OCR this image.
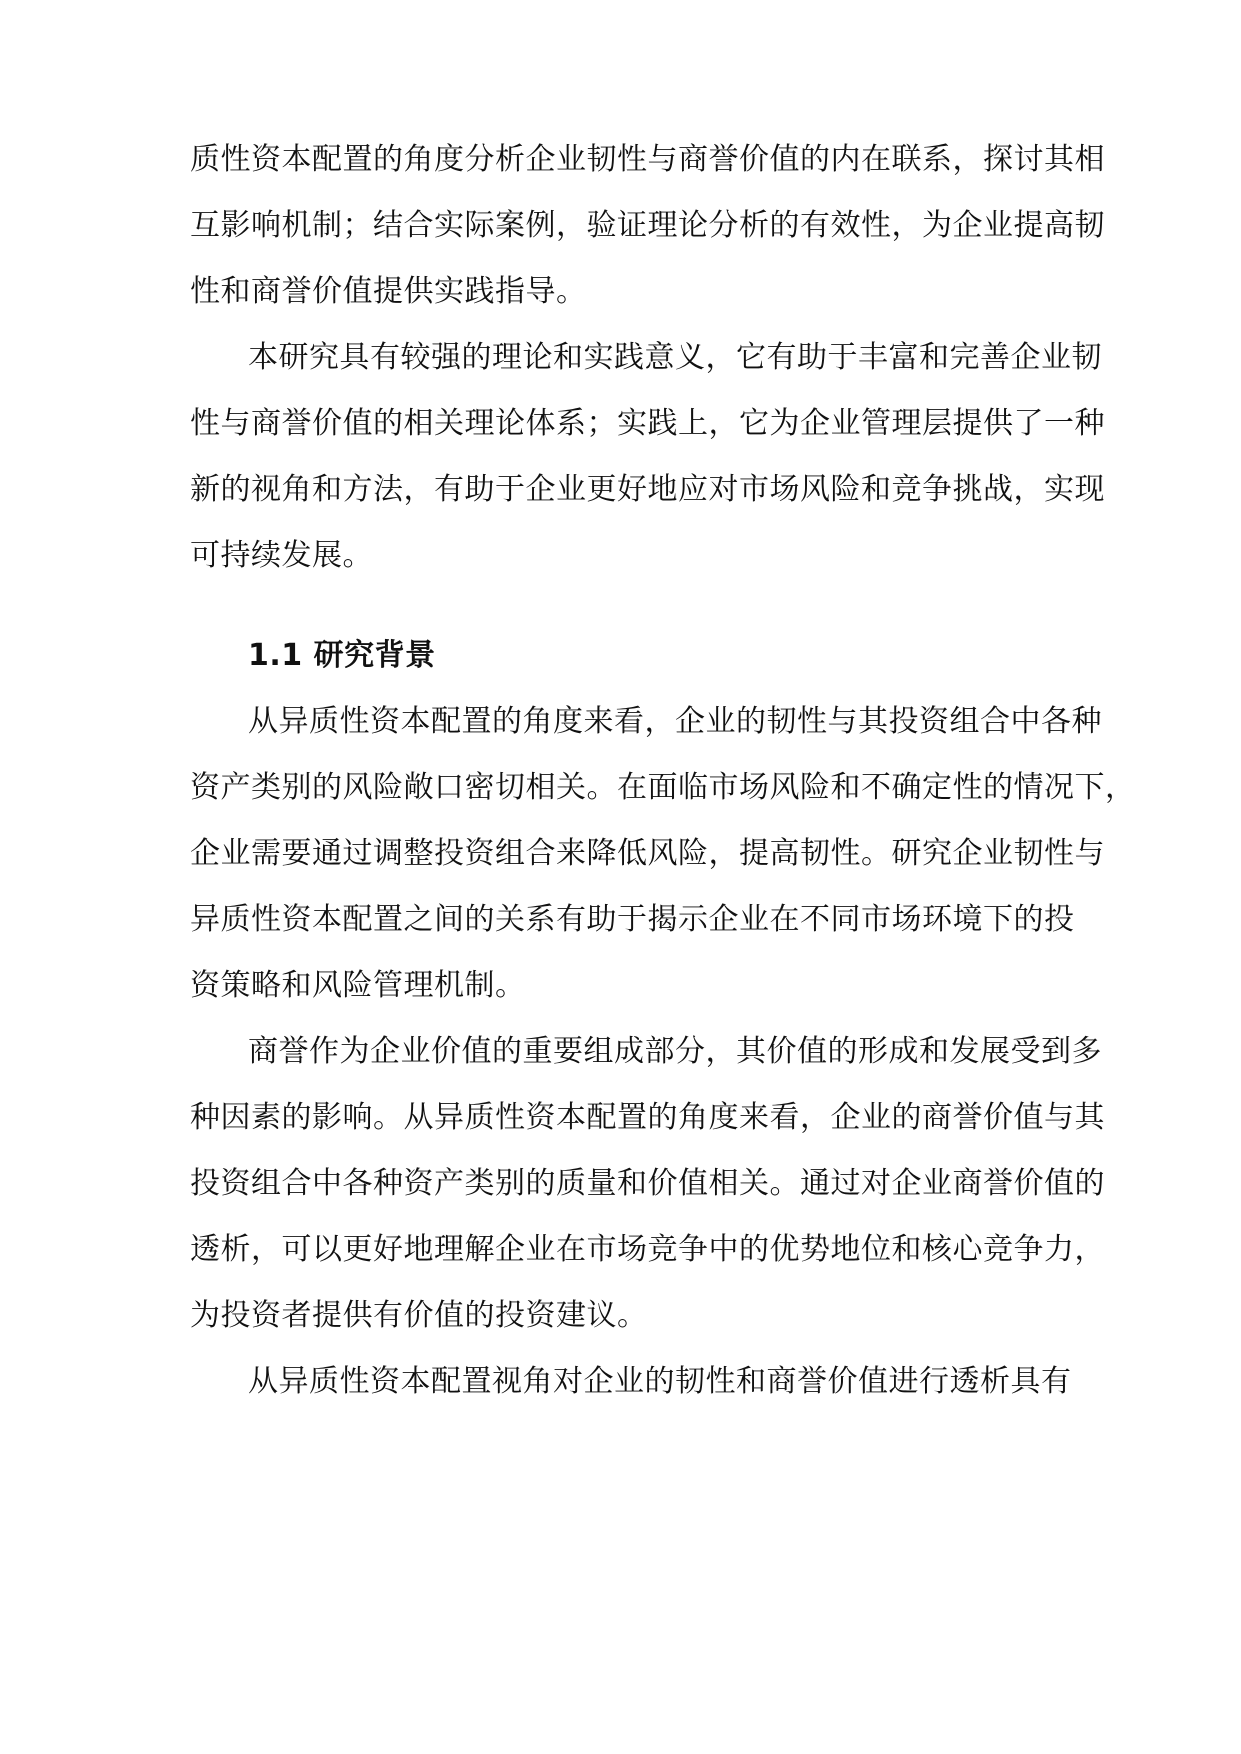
质性资本配置的角度分析企业韧性与商誉价值的内在联系，探讨其相
互影响机制；结合实际案例，验证理论分析的有效性，为企业提高韧
性和商誉价值提供实践指导。
本研究具有较强的理论和实践意义，它有助于丰富和完善企业韧
性与商誉价值的相关理论体系；实践上，它为企业管理层提供了一种
新的视角和方法，有助于企业更好地应对市场风险和竞争挑战，实现
可持续发展。
1.1 研究背景
从异质性资本配置的角度来看，企业的韧性与其投资组合中各种
资产类别的风险敞口密切相关。在面临市场风险和不确定性的情况下，
企业需要通过调整投资组合来降低风险，提高韧性。研究企业韧性与
异质性资本配置之间的关系有助于揭示企业在不同市场环境下的投
资策略和风险管理机制。
商誉作为企业价值的重要组成部分，其价值的形成和发展受到多
种因素的影响。从异质性资本配置的角度来看，企业的商誉价值与其
投资组合中各种资产类别的质量和价值相关。通过对企业商誉价值的
透析，可以更好地理解企业在市场竞争中的优势地位和核心竞争力，
为投资者提供有价值的投资建议。
从异质性资本配置视角对企业的韧性和商誉价值进行透析具有
